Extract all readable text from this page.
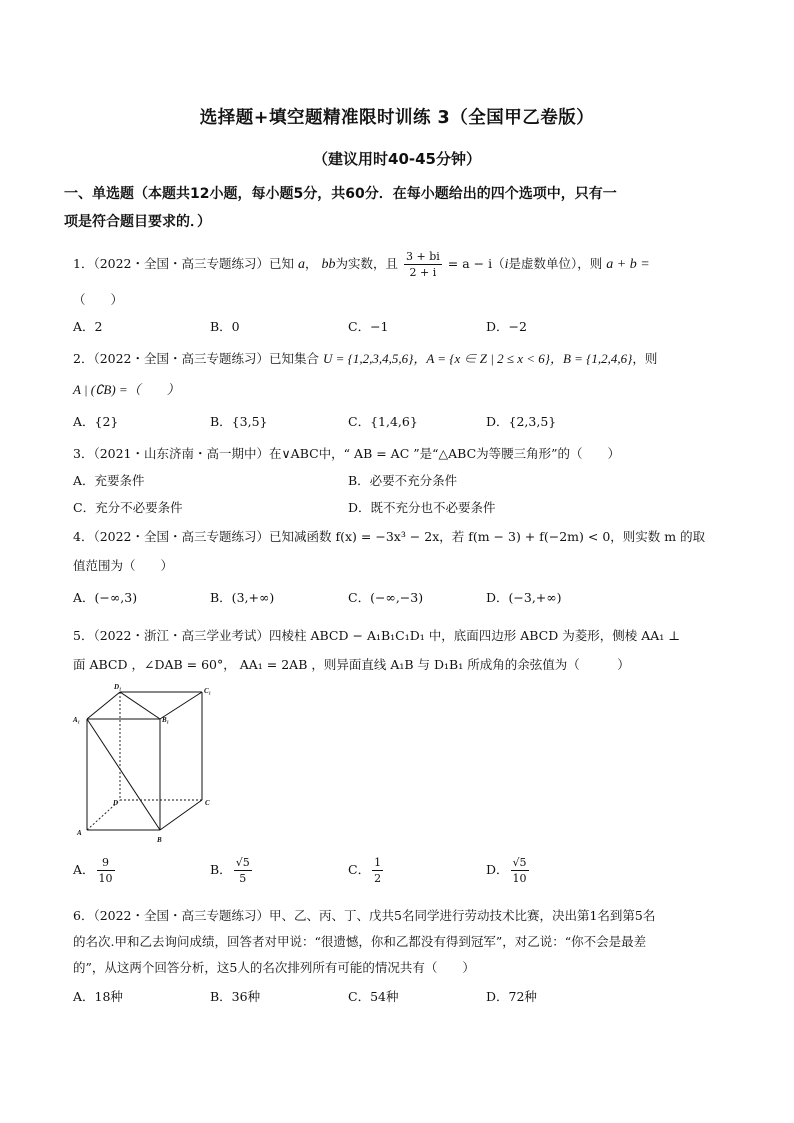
选择题+填空题精准限时训练 3（全国甲乙卷版）
（建议用时40-45分钟）
一、单选题（本题共12小题，每小题5分，共60分．在每小题给出的四个选项中，只有一
项是符合题目要求的．）
1．（2022・全国・高三专题练习）已知 a， bb为实数，且 $\frac{3 + bi}{2 + i} = a - i(i$是虚数单位），则 a + b =
（　　）
A．2	B．0	C．−1	D．−2
2．（2022・全国・高三专题练习）已知集合 U = {1,2,3,4,5,6}，A = {x ∈ Z | 2 ≤ x < 6}，B = {1,2,4,6}，则
A | (∁B) =（　　）
A．{2}	B．{3,5}	C．{1,4,6}	D．{2,3,5}
3．（2021・山东济南・高一期中）在∨ABC中，“ AB = AC ”是“△ABC为等腰三角形”的（　　）
A．充要条件	B．必要不充分条件
C．充分不必要条件	D．既不充分也不必要条件
4．（2022・全国・高三专题练习）已知减函数 f(x) = −3x³ − 2x，若 f(m − 3) + f(−2m) < 0，则实数 m 的取
值范围为（　　）
A．(−∞,3)	B．(3,+∞)	C．(−∞,−3)	D．(−3,+∞)
5．（2022・浙江・高三学业考试）四棱柱 ABCD − A₁B₁C₁D₁ 中，底面四边形 ABCD 为菱形，侧棱 AA₁ ⊥
面 ABCD ，∠DAB = 60°， AA₁ = 2AB ，则异面直线 A₁B 与 D₁B₁ 所成角的余弦值为（　　　）
D₁	C₁
A₁	B₁
D	C
A
B
A． $\frac{9}{10}$	B． $\frac{√5}{5}$	C． $\frac{1}{2}$	D． $\frac{√5}{10}$
6．（2022・全国・高三专题练习）甲、乙、丙、丁、戊共5名同学进行劳动技术比赛，决出第1名到第5名
的名次.甲和乙去询问成绩，回答者对甲说：“很遗憾，你和乙都没有得到冠军”，对乙说：“你不会是最差
的”，从这两个回答分析，这5人的名次排列所有可能的情况共有（　　）
A．18种	B．36种	C．54种	D．72种
